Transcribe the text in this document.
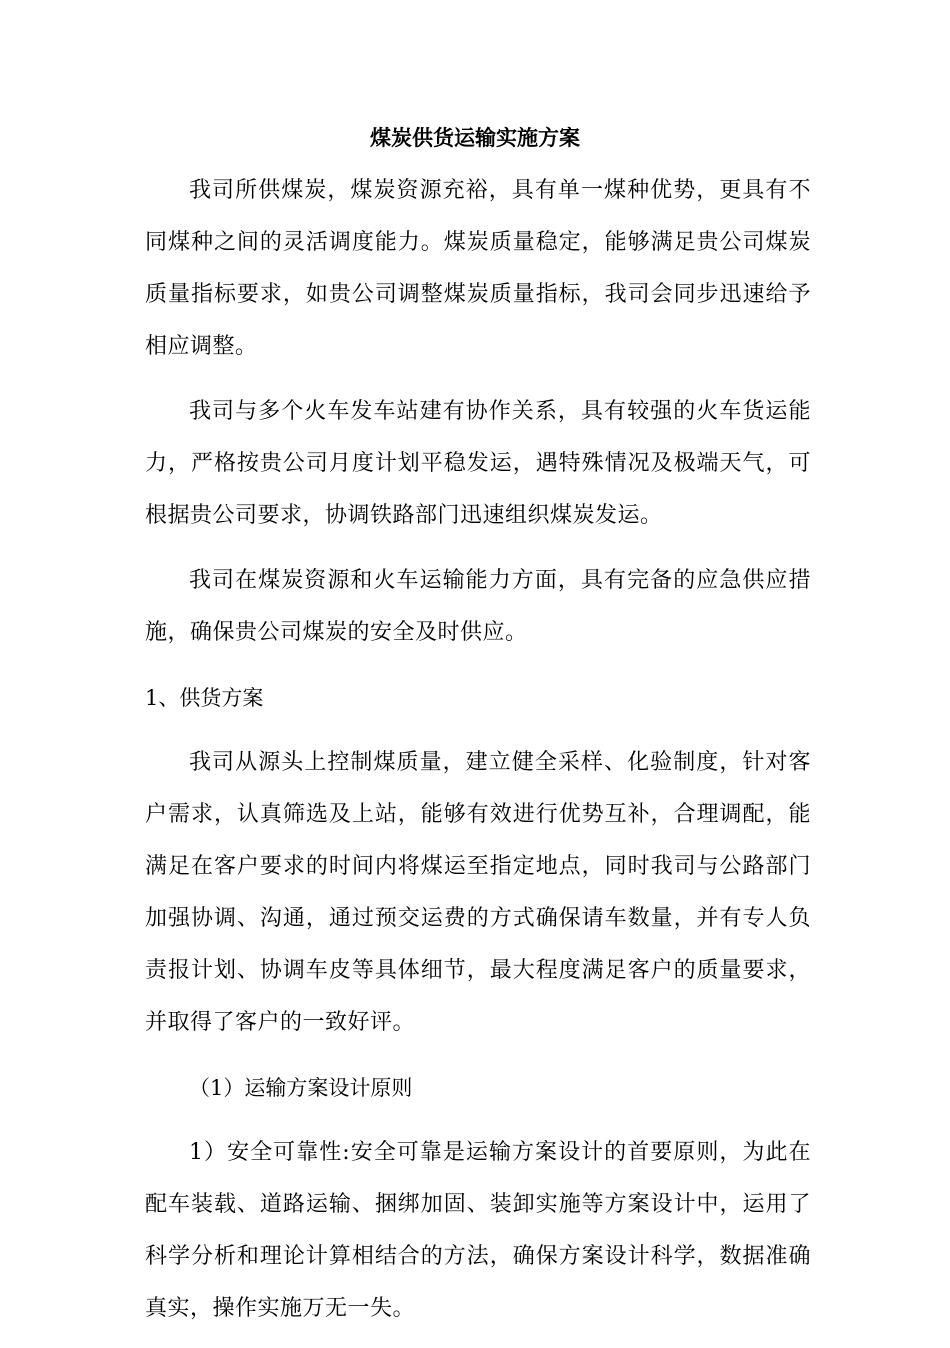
煤炭供货运输实施方案

我司所供煤炭，煤炭资源充裕，具有单一煤种优势，更具有不同煤种之间的灵活调度能力。煤炭质量稳定，能够满足贵公司煤炭质量指标要求，如贵公司调整煤炭质量指标，我司会同步迅速给予相应调整。

我司与多个火车发车站建有协作关系，具有较强的火车货运能力，严格按贵公司月度计划平稳发运，遇特殊情况及极端天气，可根据贵公司要求，协调铁路部门迅速组织煤炭发运。

我司在煤炭资源和火车运输能力方面，具有完备的应急供应措施，确保贵公司煤炭的安全及时供应。

1、供货方案

我司从源头上控制煤质量，建立健全采样、化验制度，针对客户需求，认真筛选及上站，能够有效进行优势互补，合理调配，能满足在客户要求的时间内将煤运至指定地点，同时我司与公路部门加强协调、沟通，通过预交运费的方式确保请车数量，并有专人负责报计划、协调车皮等具体细节，最大程度满足客户的质量要求，并取得了客户的一致好评。

（1）运输方案设计原则

1）安全可靠性:安全可靠是运输方案设计的首要原则，为此在配车装载、道路运输、捆绑加固、装卸实施等方案设计中，运用了科学分析和理论计算相结合的方法，确保方案设计科学，数据准确真实，操作实施万无一失。
